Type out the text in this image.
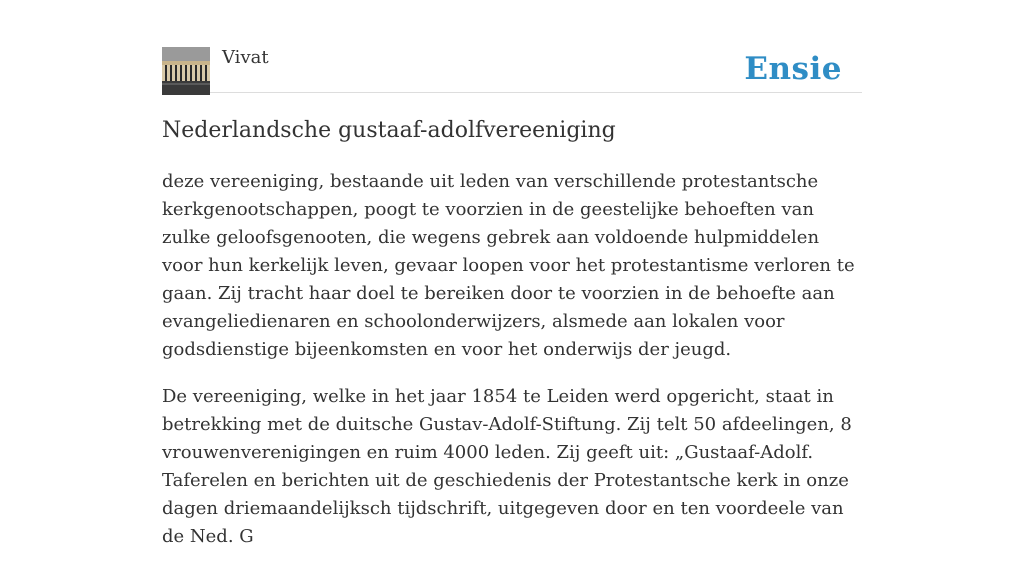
Vivat	Ensie
Nederlandsche gustaaf-adolfvereeniging

deze vereeniging, bestaande uit leden van verschillende protestantsche kerkgenootschappen, poogt te voorzien in de geestelijke behoeften van zulke geloofsgenooten, die wegens gebrek aan voldoende hulpmiddelen voor hun kerkelijk leven, gevaar loopen voor het protestantisme verloren te gaan. Zij tracht haar doel te bereiken door te voorzien in de behoefte aan evangeliedienaren en schoolonderwijzers, alsmede aan lokalen voor godsdienstige bijeenkomsten en voor het onderwijs der jeugd.

De vereeniging, welke in het jaar 1854 te Leiden werd opgericht, staat in betrekking met de duitsche Gustav-Adolf-Stiftung. Zij telt 50 afdeelingen, 8 vrouwenverenigingen en ruim 4000 leden. Zij geeft uit: „Gustaaf-Adolf. Taferelen en berichten uit de geschiedenis der Protestantsche kerk in onze dagen driemaandelijksch tijdschrift, uitgegeven door en ten voordeele van de Ned. G
